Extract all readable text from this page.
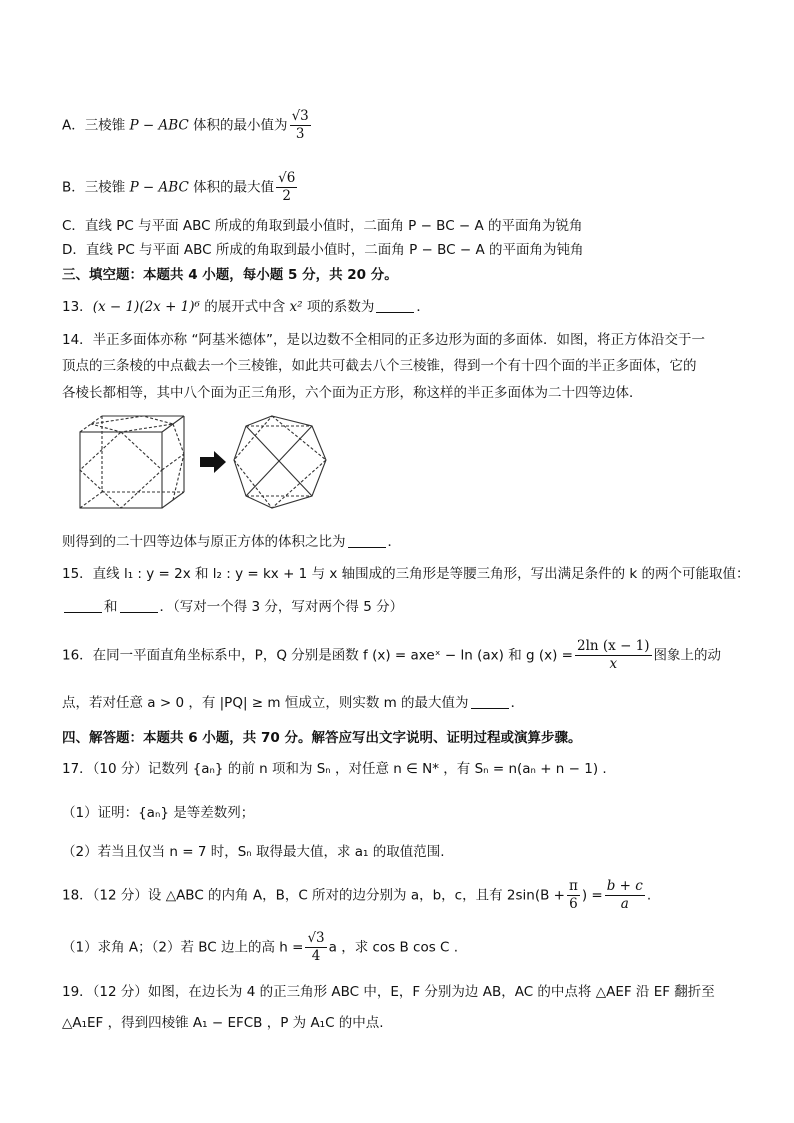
A．三棱锥 P − ABC 体积的最小值为 $\frac{√3}{3}$
B．三棱锥 P − ABC 体积的最大值 $\frac{√6}{2}$
C．直线 PC 与平面 ABC 所成的角取到最小值时，二面角 P − BC − A 的平面角为锐角
D．直线 PC 与平面 ABC 所成的角取到最小值时，二面角 P − BC − A 的平面角为钝角
三、填空题：本题共 4 小题，每小题 5 分，共 20 分。
13．(x − 1)(2x + 1)⁶ 的展开式中含 x² 项的系数为	．
14．半正多面体亦称 “阿基米德体”，是以边数不全相同的正多边形为面的多面体．如图，将正方体沿交于一
顶点的三条棱的中点截去一个三棱锥，如此共可截去八个三棱锥，得到一个有十四个面的半正多面体，它的
各棱长都相等，其中八个面为正三角形，六个面为正方形，称这样的半正多面体为二十四等边体．
则得到的二十四等边体与原正方体的体积之比为	．
15．直线 l₁ : y = 2x 和 l₂ : y = kx + 1 与 x 轴围成的三角形是等腰三角形，写出满足条件的 k 的两个可能取值：
和	．（写对一个得 3 分，写对两个得 5 分）
16．在同一平面直角坐标系中，P，Q 分别是函数 f (x) = axeˣ − ln (ax) 和 g $(x) = \frac{2\ln (x - 1)}{x}$ 图象上的动
点，若对任意 a > 0 ，有 |PQ| ≥ m 恒成立，则实数 m 的最大值为	．
四、解答题：本题共 6 小题，共 70 分。解答应写出文字说明、证明过程或演算步骤。
17．（10 分）记数列 {aₙ} 的前 n 项和为 Sₙ ，对任意 n ∈ N* ，有 Sₙ = n(aₙ + n − 1) .
（1）证明：{aₙ} 是等差数列；
（2）若当且仅当 n = 7 时，Sₙ 取得最大值，求 a₁ 的取值范围.
18．（12 分）设 △ABC 的内角 A，B，C 所对的边分别为 a，b，c，且有 $2\sin(B + \frac{\pi}{6}$ ) = $\frac{b + c}{a}$ .
（1）求角 A；（2）若 BC 边上的高 $h = \frac{√3}{4}$ a ，求 cos B cos C .
19．（12 分）如图，在边长为 4 的正三角形 ABC 中，E，F 分别为边 AB，AC 的中点将 △AEF 沿 EF 翻折至
△A₁EF ，得到四棱锥 A₁ − EFCB ，P 为 A₁C 的中点.
